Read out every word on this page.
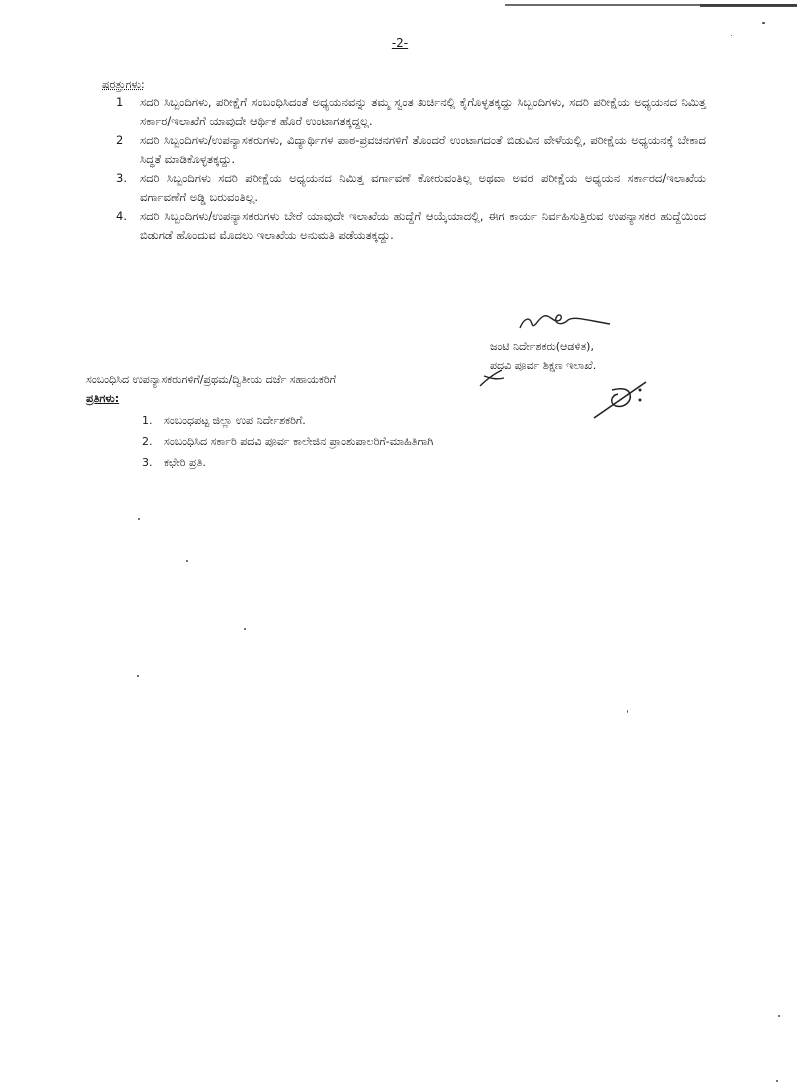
-2-
ಷರತ್ತುಗಳು:
1	ಸದರಿ ಸಿಬ್ಬಂದಿಗಳು, ಪರೀಕ್ಷೆಗೆ ಸಂಬಂಧಿಸಿದಂತೆ ಅಧ್ಯಯನವನ್ನು ತಮ್ಮ ಸ್ವಂತ ಖರ್ಚಿನಲ್ಲಿ ಕೈಗೊಳ್ಳತಕ್ಕದ್ದು ಸಿಬ್ಬಂದಿಗಳು, ಸದರಿ ಪರೀಕ್ಷೆಯ ಅಧ್ಯಯನದ ನಿಮಿತ್ತ ಸರ್ಕಾರ/ಇಲಾಖೆಗೆ ಯಾವುದೇ ಆರ್ಥಿಕ ಹೊರೆ ಉಂಟಾಗತಕ್ಕದ್ದಲ್ಲ.
2	ಸದರಿ ಸಿಬ್ಬಂದಿಗಳು/ಉಪನ್ಯಾಸಕರುಗಳು, ವಿದ್ಯಾರ್ಥಿಗಳ ಪಾಠ-ಪ್ರವಚನಗಳಿಗೆ ತೊಂದರೆ ಉಂಟಾಗದಂತೆ ಬಿಡುವಿನ ವೇಳೆಯಲ್ಲಿ, ಪರೀಕ್ಷೆಯ ಅಧ್ಯಯನಕ್ಕೆ ಬೇಕಾದ ಸಿದ್ಧತೆ ಮಾಡಿಕೊಳ್ಳತಕ್ಕದ್ದು.
3.	ಸದರಿ ಸಿಬ್ಬಂದಿಗಳು ಸದರಿ ಪರೀಕ್ಷೆಯ ಅಧ್ಯಯನದ ನಿಮಿತ್ತ ವರ್ಗಾವಣೆ ಕೋರುವಂತಿಲ್ಲ ಅಥವಾ ಅವರ ಪರೀಕ್ಷೆಯ ಅಧ್ಯಯನ ಸರ್ಕಾರದ/ಇಲಾಖೆಯ ವರ್ಗಾವಣೆಗೆ ಅಡ್ಡಿ ಬರುವಂತಿಲ್ಲ.
4.	ಸದರಿ ಸಿಬ್ಬಂದಿಗಳು/ಉಪನ್ಯಾಸಕರುಗಳು ಬೇರೆ ಯಾವುದೇ ಇಲಾಖೆಯ ಹುದ್ದೆಗೆ ಆಯ್ಕೆಯಾದಲ್ಲಿ, ಈಗ ಕಾರ್ಯ ನಿರ್ವಹಿಸುತ್ತಿರುವ ಉಪನ್ಯಾಸಕರ ಹುದ್ದೆಯಿಂದ ಬಿಡುಗಡೆ ಹೊಂದುವ ಮೊದಲು ಇಲಾಖೆಯ ಅನುಮತಿ ಪಡೆಯತಕ್ಕದ್ದು.
ಜಂಟಿ ನಿರ್ದೇಶಕರು(ಆಡಳಿತ),
ಪದವಿ ಪೂರ್ವ ಶಿಕ್ಷಣ ಇಲಾಖೆ.
ಸಂಬಂಧಿಸಿದ ಉಪನ್ಯಾಸಕರುಗಳಿಗೆ/ಪ್ರಥಮ/ದ್ವಿತೀಯ ದರ್ಜೆ ಸಹಾಯಕರಿಗೆ
ಪ್ರತಿಗಳು:
1. ಸಂಬಂಧಪಟ್ಟ ಜಿಲ್ಲಾ ಉಪ ನಿರ್ದೇಶಕರಿಗೆ.
2. ಸಂಬಂಧಿಸಿದ ಸರ್ಕಾರಿ ಪದವಿ ಪೂರ್ವ ಕಾಲೇಜಿನ ಪ್ರಾಂಶುಪಾಲರಿಗೆ-ಮಾಹಿತಿಗಾಗಿ
3. ಕಛೇರಿ ಪ್ರತಿ.
